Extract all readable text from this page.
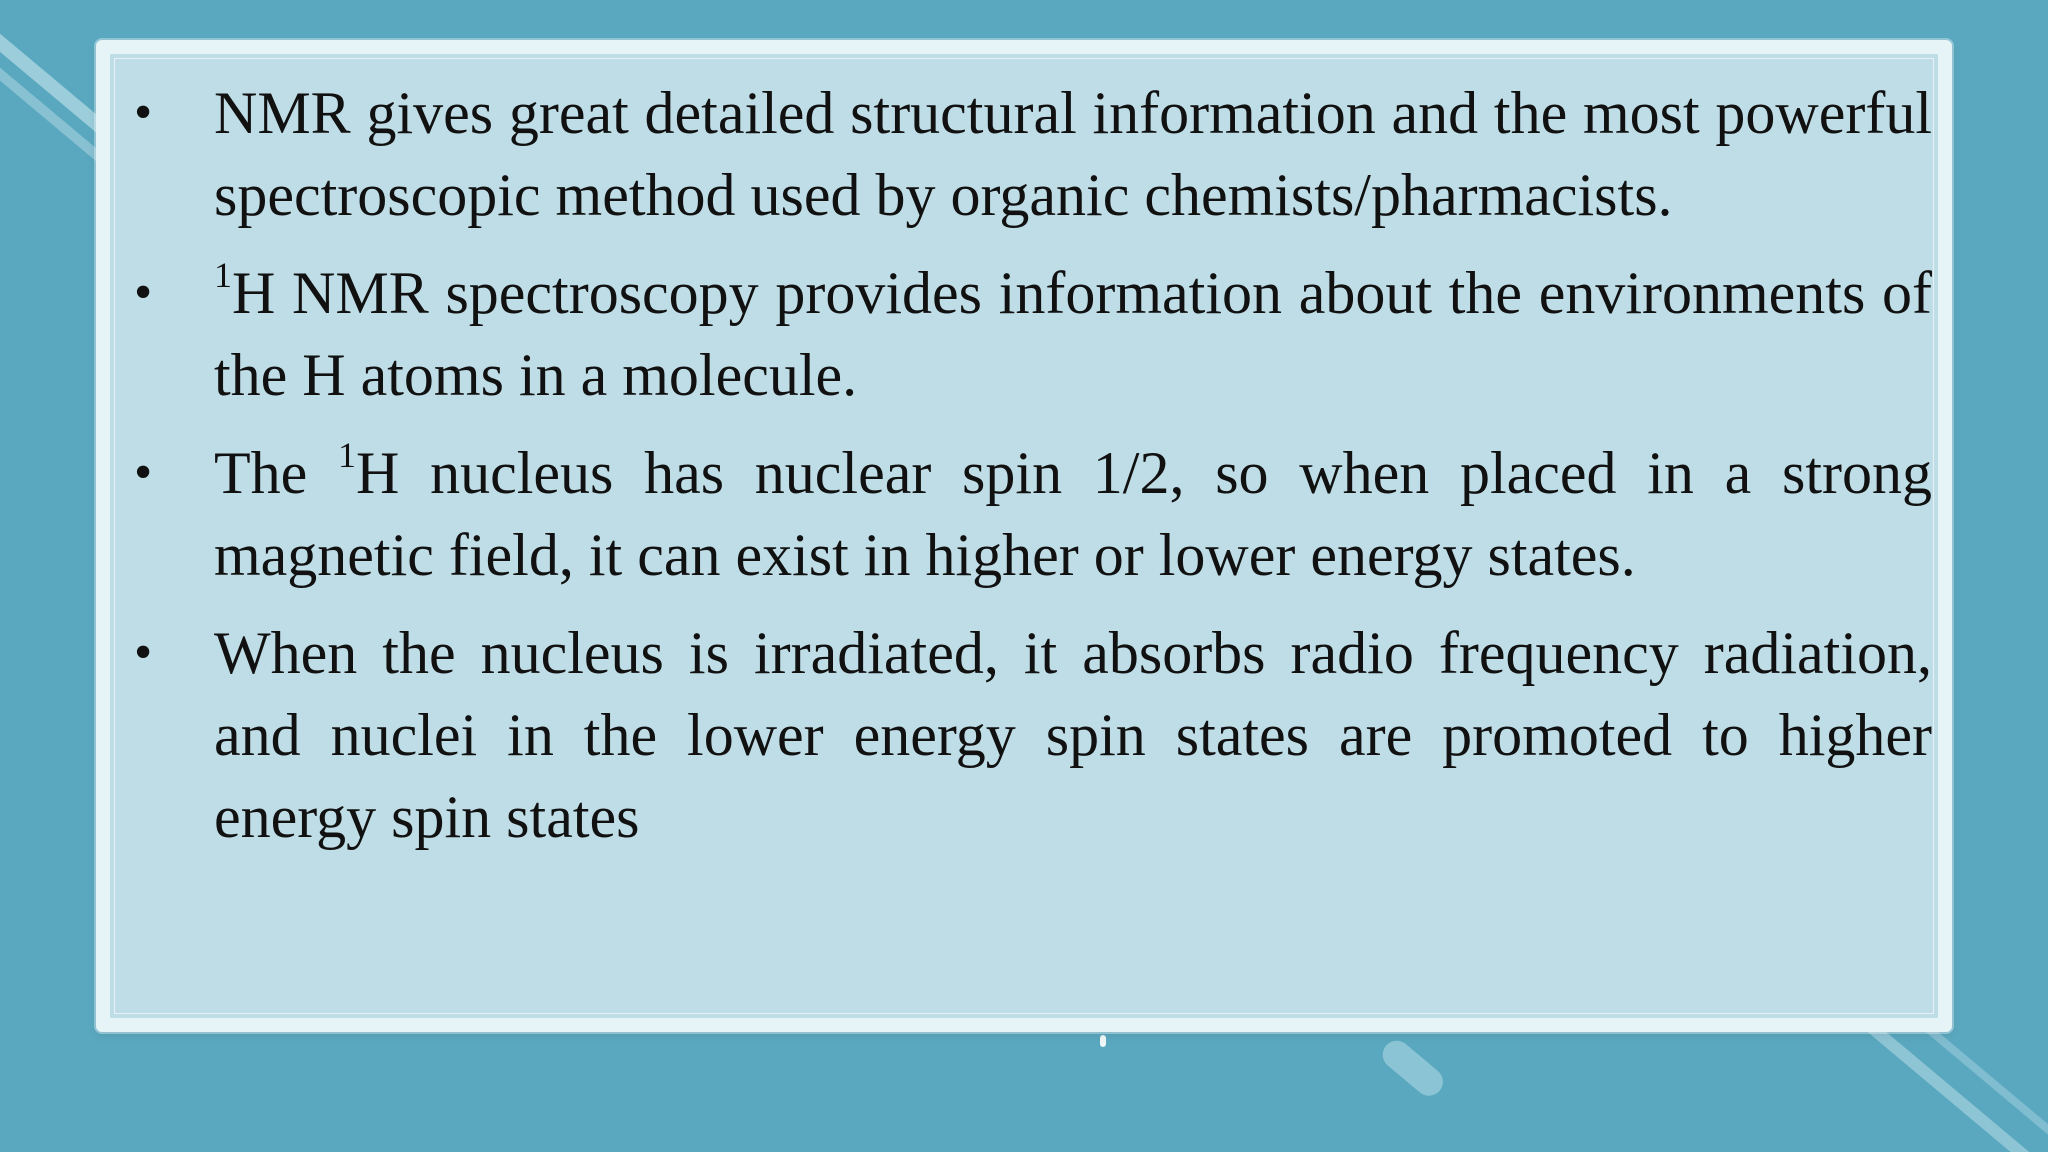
• NMR gives great detailed structural information and the most powerful spectroscopic method used by organic chemists/pharmacists.
• $^1$H NMR spectroscopy provides information about the environments of the H atoms in a molecule.
• The $^1$H nucleus has nuclear spin 1/2, so when placed in a strong magnetic field, it can exist in higher or lower energy states.
• When the nucleus is irradiated, it absorbs radio frequency radiation, and nuclei in the lower energy spin states are promoted to higher energy spin states
